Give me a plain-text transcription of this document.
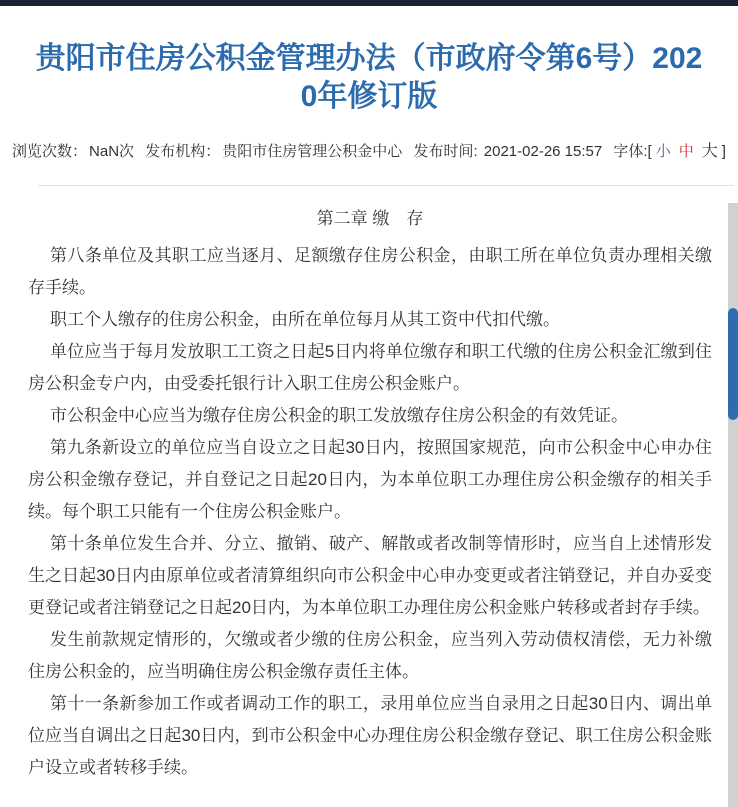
贵阳市住房公积金管理办法（市政府令第6号）202
0年修订版
浏览次数： NaN次 发布机构： 贵阳市住房管理公积金中心 发布时间: 2021-02-26 15:57 字体:[ 小 中 大 ]
第二章 缴　存

第八条单位及其职工应当逐月、足额缴存住房公积金，由职工所在单位负责办理相关缴存手续。

职工个人缴存的住房公积金，由所在单位每月从其工资中代扣代缴。

单位应当于每月发放职工工资之日起5日内将单位缴存和职工代缴的住房公积金汇缴到住房公积金专户内，由受委托银行计入职工住房公积金账户。

市公积金中心应当为缴存住房公积金的职工发放缴存住房公积金的有效凭证。

第九条新设立的单位应当自设立之日起30日内，按照国家规范，向市公积金中心申办住房公积金缴存登记，并自登记之日起20日内，为本单位职工办理住房公积金缴存的相关手续。每个职工只能有一个住房公积金账户。

第十条单位发生合并、分立、撤销、破产、解散或者改制等情形时，应当自上述情形发生之日起30日内由原单位或者清算组织向市公积金中心申办变更或者注销登记，并自办妥变更登记或者注销登记之日起20日内，为本单位职工办理住房公积金账户转移或者封存手续。

发生前款规定情形的，欠缴或者少缴的住房公积金，应当列入劳动债权清偿，无力补缴住房公积金的，应当明确住房公积金缴存责任主体。

第十一条新参加工作或者调动工作的职工，录用单位应当自录用之日起30日内、调出单位应当自调出之日起30日内，到市公积金中心办理住房公积金缴存登记、职工住房公积金账户设立或者转移手续。
